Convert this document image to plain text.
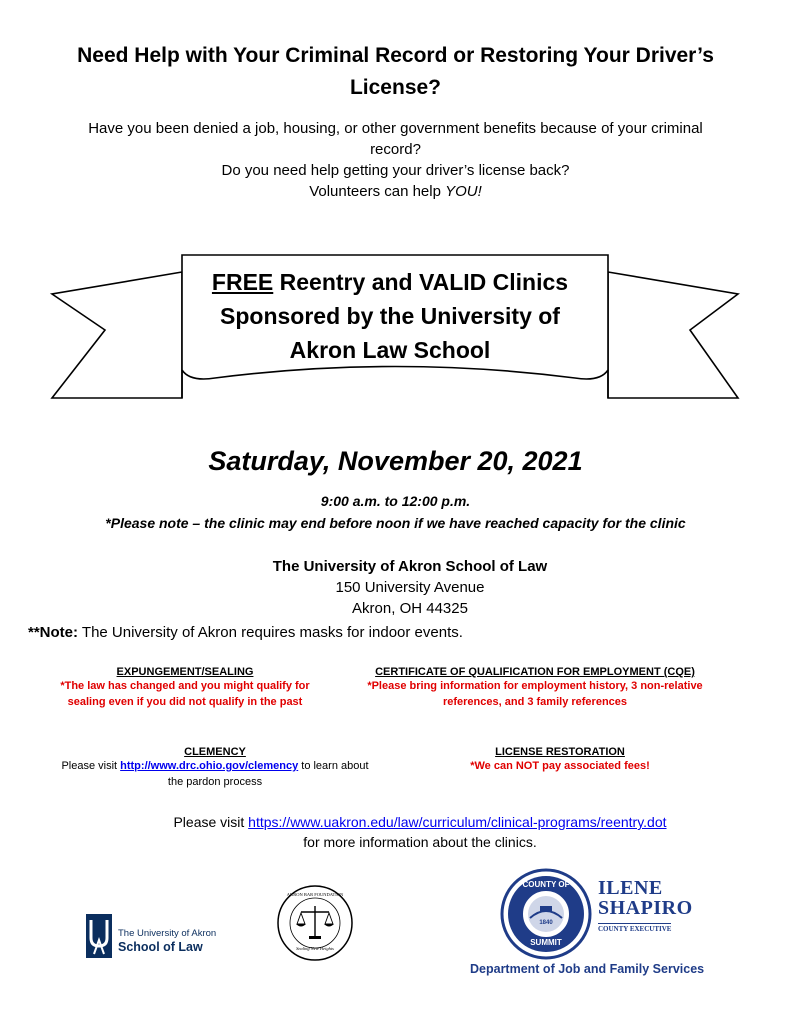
Need Help with Your Criminal Record or Restoring Your Driver’s
License?
Have you been denied a job, housing, or other government benefits because of your criminal
record?
Do you need help getting your driver’s license back?
Volunteers can help YOU!
FREE Reentry and VALID Clinics
Sponsored by the University of
Akron Law School
Saturday, November 20, 2021
9:00 a.m. to 12:00 p.m.
*Please note – the clinic may end before noon if we have reached capacity for the clinic
The University of Akron School of Law
150 University Avenue
Akron, OH 44325
**Note: The University of Akron requires masks for indoor events.
EXPUNGEMENT/SEALING
*The law has changed and you might qualify for
sealing even if you did not qualify in the past
CERTIFICATE OF QUALIFICATION FOR EMPLOYMENT (CQE)
*Please bring information for employment history, 3 non-relative
references, and 3 family references
CLEMENCY
Please visit http://www.drc.ohio.gov/clemency to learn about
the pardon process
LICENSE RESTORATION
*We can NOT pay associated fees!
Please visit https://www.uakron.edu/law/curriculum/clinical-programs/reentry.dot
for more information about the clinics.
The University of Akron
School of Law
AKRON BAR FOUNDATION
Sealing New Heights
COUNTY OF
SUMMIT
1840
ILENE
SHAPIRO
COUNTY EXECUTIVE
Department of Job and Family Services
